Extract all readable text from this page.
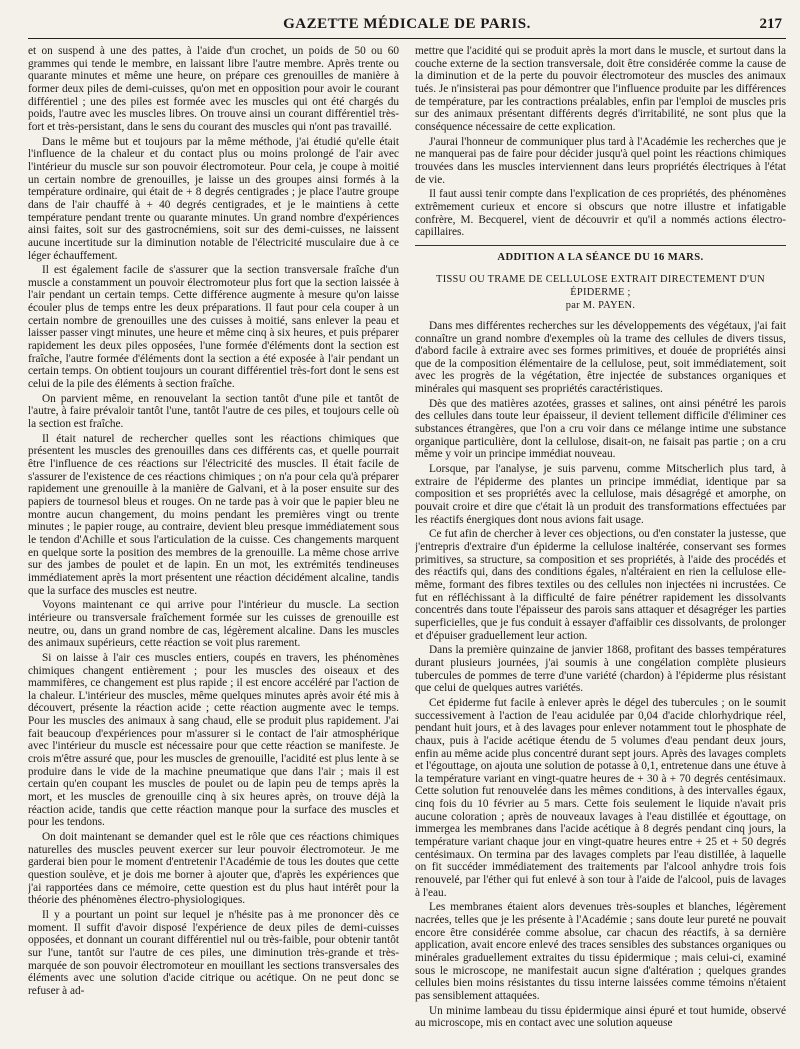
GAZETTE MÉDICALE DE PARIS.	217

et on suspend à une des pattes, à l'aide d'un crochet, un poids de 50 ou 60 grammes qui tende le membre, en laissant libre l'autre membre. Après trente ou quarante minutes et même une heure, on prépare ces grenouilles de manière à former deux piles de demi-cuisses, qu'on met en opposition pour avoir le courant différentiel ; une des piles est formée avec les muscles qui ont été chargés du poids, l'autre avec les muscles libres. On trouve ainsi un courant différentiel très-fort et très-persistant, dans le sens du courant des muscles qui n'ont pas travaillé.

Dans le même but et toujours par la même méthode, j'ai étudié qu'elle était l'influence de la chaleur et du contact plus ou moins prolongé de l'air avec l'intérieur du muscle sur son pouvoir électromoteur. Pour cela, je coupe à moitié un certain nombre de grenouilles, je laisse un des groupes ainsi formés à la température ordinaire, qui était de + 8 degrés centigrades ; je place l'autre groupe dans de l'air chauffé à + 40 degrés centigrades, et je le maintiens à cette température pendant trente ou quarante minutes. Un grand nombre d'expériences ainsi faites, soit sur des gastrocnémiens, soit sur des demi-cuisses, ne laissent aucune incertitude sur la diminution notable de l'électricité musculaire due à ce léger échauffement.

Il est également facile de s'assurer que la section transversale fraîche d'un muscle a constamment un pouvoir électromoteur plus fort que la section laissée à l'air pendant un certain temps. Cette différence augmente à mesure qu'on laisse écouler plus de temps entre les deux préparations. Il faut pour cela couper à un certain nombre de grenouilles une des cuisses à moitié, sans enlever la peau et laisser passer vingt minutes, une heure et même cinq à six heures, et puis préparer rapidement les deux piles opposées, l'une formée d'éléments dont la section est fraîche, l'autre formée d'éléments dont la section a été exposée à l'air pendant un certain temps. On obtient toujours un courant différentiel très-fort dont le sens est celui de la pile des éléments à section fraîche.

On parvient même, en renouvelant la section tantôt d'une pile et tantôt de l'autre, à faire prévaloir tantôt l'une, tantôt l'autre de ces piles, et toujours celle où la section est fraîche.

Il était naturel de rechercher quelles sont les réactions chimiques que présentent les muscles des grenouilles dans ces différents cas, et quelle pourrait être l'influence de ces réactions sur l'électricité des muscles. Il était facile de s'assurer de l'existence de ces réactions chimiques ; on n'a pour cela qu'à préparer rapidement une grenouille à la manière de Galvani, et à la poser ensuite sur des papiers de tournesol bleus et rouges. On ne tarde pas à voir que le papier bleu ne montre aucun changement, du moins pendant les premières vingt ou trente minutes ; le papier rouge, au contraire, devient bleu presque immédiatement sous le tendon d'Achille et sous l'articulation de la cuisse. Ces changements marquent en quelque sorte la position des membres de la grenouille. La même chose arrive sur des jambes de poulet et de lapin. En un mot, les extrémités tendineuses immédiatement après la mort présentent une réaction décidément alcaline, tandis que la surface des muscles est neutre.

Voyons maintenant ce qui arrive pour l'intérieur du muscle. La section intérieure ou transversale fraîchement formée sur les cuisses de grenouille est neutre, ou, dans un grand nombre de cas, légèrement alcaline. Dans les muscles des animaux supérieurs, cette réaction se voit plus rarement.

Si on laisse à l'air ces muscles entiers, coupés en travers, les phénomènes chimiques changent entièrement ; pour les muscles des oiseaux et des mammifères, ce changement est plus rapide ; il est encore accéléré par l'action de la chaleur. L'intérieur des muscles, même quelques minutes après avoir été mis à découvert, présente la réaction acide ; cette réaction augmente avec le temps. Pour les muscles des animaux à sang chaud, elle se produit plus rapidement. J'ai fait beaucoup d'expériences pour m'assurer si le contact de l'air atmosphérique avec l'intérieur du muscle est nécessaire pour que cette réaction se manifeste. Je crois m'être assuré que, pour les muscles de grenouille, l'acidité est plus lente à se produire dans le vide de la machine pneumatique que dans l'air ; mais il est certain qu'en coupant les muscles de poulet ou de lapin peu de temps après la mort, et les muscles de grenouille cinq à six heures après, on trouve déjà la réaction acide, tandis que cette réaction manque pour la surface des muscles et pour les tendons.

On doit maintenant se demander quel est le rôle que ces réactions chimiques naturelles des muscles peuvent exercer sur leur pouvoir électromoteur. Je me garderai bien pour le moment d'entretenir l'Académie de tous les doutes que cette question soulève, et je dois me borner à ajouter que, d'après les expériences que j'ai rapportées dans ce mémoire, cette question est du plus haut intérêt pour la théorie des phénomènes électro-physiologiques.

Il y a pourtant un point sur lequel je n'hésite pas à me prononcer dès ce moment. Il suffit d'avoir disposé l'expérience de deux piles de demi-cuisses opposées, et donnant un courant différentiel nul ou très-faible, pour obtenir tantôt sur l'une, tantôt sur l'autre de ces piles, une diminution très-grande et très-marquée de son pouvoir électromoteur en mouillant les sections transversales des éléments avec une solution d'acide citrique ou acétique. On ne peut donc se refuser à ad-

mettre que l'acidité qui se produit après la mort dans le muscle, et surtout dans la couche externe de la section transversale, doit être considérée comme la cause de la diminution et de la perte du pouvoir électromoteur des muscles des animaux tués. Je n'insisterai pas pour démontrer que l'influence produite par les différences de température, par les contractions préalables, enfin par l'emploi de muscles pris sur des animaux présentant différents degrés d'irritabilité, ne sont plus que la conséquence nécessaire de cette explication.

J'aurai l'honneur de communiquer plus tard à l'Académie les recherches que je ne manquerai pas de faire pour décider jusqu'à quel point les réactions chimiques trouvées dans les muscles interviennent dans leurs propriétés électriques à l'état de vie.

Il faut aussi tenir compte dans l'explication de ces propriétés, des phénomènes extrêmement curieux et encore si obscurs que notre illustre et infatigable confrère, M. Becquerel, vient de découvrir et qu'il a nommés actions électro-capillaires.

ADDITION A LA SÉANCE DU 16 MARS.
TISSU OU TRAME DE CELLULOSE EXTRAIT DIRECTEMENT D'UN ÉPIDERME ;
par M. PAYEN.

Dans mes différentes recherches sur les développements des végétaux, j'ai fait connaître un grand nombre d'exemples où la trame des cellules de divers tissus, d'abord facile à extraire avec ses formes primitives, et douée de propriétés ainsi que de la composition élémentaire de la cellulose, peut, soit immédiatement, soit avec les progrès de la végétation, être injectée de substances organiques et minérales qui masquent ses propriétés caractéristiques.

Dès que des matières azotées, grasses et salines, ont ainsi pénétré les parois des cellules dans toute leur épaisseur, il devient tellement difficile d'éliminer ces substances étrangères, que l'on a cru voir dans ce mélange intime une substance organique particulière, dont la cellulose, disait-on, ne faisait pas partie ; on a cru même y voir un principe immédiat nouveau.

Lorsque, par l'analyse, je suis parvenu, comme Mitscherlich plus tard, à extraire de l'épiderme des plantes un principe immédiat, identique par sa composition et ses propriétés avec la cellulose, mais désagrégé et amorphe, on pouvait croire et dire que c'était là un produit des transformations effectuées par les réactifs énergiques dont nous avions fait usage.

Ce fut afin de chercher à lever ces objections, ou d'en constater la justesse, que j'entrepris d'extraire d'un épiderme la cellulose inaltérée, conservant ses formes primitives, sa structure, sa composition et ses propriétés, à l'aide des procédés et des réactifs qui, dans des conditions égales, n'altéraient en rien la cellulose elle-même, formant des fibres textiles ou des cellules non injectées ni incrustées. Ce fut en réfléchissant à la difficulté de faire pénétrer rapidement les dissolvants concentrés dans toute l'épaisseur des parois sans attaquer et désagréger les parties superficielles, que je fus conduit à essayer d'affaiblir ces dissolvants, de prolonger et d'épuiser graduellement leur action.

Dans la première quinzaine de janvier 1868, profitant des basses températures durant plusieurs journées, j'ai soumis à une congélation complète plusieurs tubercules de pommes de terre d'une variété (chardon) à l'épiderme plus résistant que celui de quelques autres variétés.

Cet épiderme fut facile à enlever après le dégel des tubercules ; on le soumit successivement à l'action de l'eau acidulée par 0,04 d'acide chlorhydrique réel, pendant huit jours, et à des lavages pour enlever notamment tout le phosphate de chaux, puis à l'acide acétique étendu de 5 volumes d'eau pendant deux jours, enfin au même acide plus concentré durant sept jours. Après des lavages complets et l'égouttage, on ajouta une solution de potasse à 0,1, entretenue dans une étuve à la température variant en vingt-quatre heures de + 30 à + 70 degrés centésimaux. Cette solution fut renouvelée dans les mêmes conditions, à des intervalles égaux, cinq fois du 10 février au 5 mars. Cette fois seulement le liquide n'avait pris aucune coloration ; après de nouveaux lavages à l'eau distillée et égouttage, on immergea les membranes dans l'acide acétique à 8 degrés pendant cinq jours, la température variant chaque jour en vingt-quatre heures entre + 25 et + 50 degrés centésimaux. On termina par des lavages complets par l'eau distillée, à laquelle on fit succéder immédiatement des traitements par l'alcool anhydre trois fois renouvelé, par l'éther qui fut enlevé à son tour à l'aide de l'alcool, puis de lavages à l'eau.

Les membranes étaient alors devenues très-souples et blanches, légèrement nacrées, telles que je les présente à l'Académie ; sans doute leur pureté ne pouvait encore être considérée comme absolue, car chacun des réactifs, à sa dernière application, avait encore enlevé des traces sensibles des substances organiques ou minérales graduellement extraites du tissu épidermique ; mais celui-ci, examiné sous le microscope, ne manifestait aucun signe d'altération ; quelques grandes cellules bien moins résistantes du tissu interne laissées comme témoins n'étaient pas sensiblement attaquées.

Un minime lambeau du tissu épidermique ainsi épuré et tout humide, observé au microscope, mis en contact avec une solution aqueuse
